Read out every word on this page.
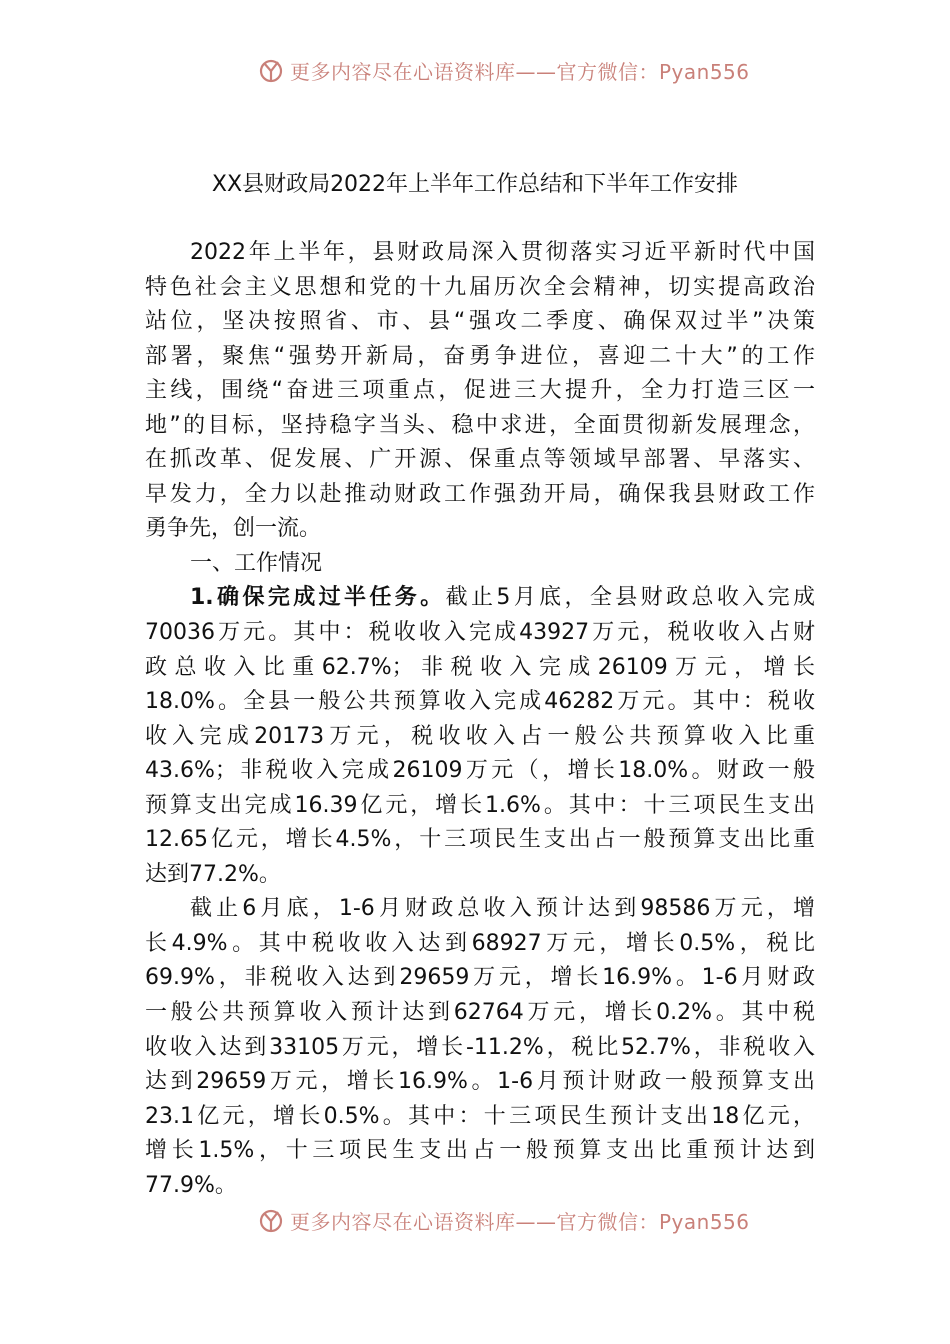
更多内容尽在心语资料库——官方微信：Pyan556
XX县财政局2022年上半年工作总结和下半年工作安排
2022年上半年，县财政局深入贯彻落实习近平新时代中国
特色社会主义思想和党的十九届历次全会精神，切实提高政治
站位，坚决按照省、市、县“强攻二季度、确保双过半”决策
部署，聚焦“强势开新局，奋勇争进位，喜迎二十大”的工作
主线，围绕“奋进三项重点，促进三大提升，全力打造三区一
地”的目标，坚持稳字当头、稳中求进，全面贯彻新发展理念，
在抓改革、促发展、广开源、保重点等领域早部署、早落实、
早发力，全力以赴推动财政工作强劲开局，确保我县财政工作
勇争先，创一流。
一、工作情况
1.确保完成过半任务。截止5月底，全县财政总收入完成
70036万元。其中：税收收入完成43927万元，税收收入占财
政总收入比重62.7%；非税收入完成26109万元，增长
18.0%。全县一般公共预算收入完成46282万元。其中：税收
收入完成20173万元，税收收入占一般公共预算收入比重
43.6%；非税收入完成26109万元（，增长18.0%。财政一般
预算支出完成16.39亿元，增长1.6%。其中：十三项民生支出
12.65亿元，增长4.5%，十三项民生支出占一般预算支出比重
达到77.2%。
截止6月底，1-6月财政总收入预计达到98586万元，增
长4.9%。其中税收收入达到68927万元，增长0.5%，税比
69.9%，非税收入达到29659万元，增长16.9%。1-6月财政
一般公共预算收入预计达到62764万元，增长0.2%。其中税
收收入达到33105万元，增长-11.2%，税比52.7%，非税收入
达到29659万元，增长16.9%。1-6月预计财政一般预算支出
23.1亿元，增长0.5%。其中：十三项民生预计支出18亿元，
增长1.5%，十三项民生支出占一般预算支出比重预计达到
77.9%。
更多内容尽在心语资料库——官方微信：Pyan556
